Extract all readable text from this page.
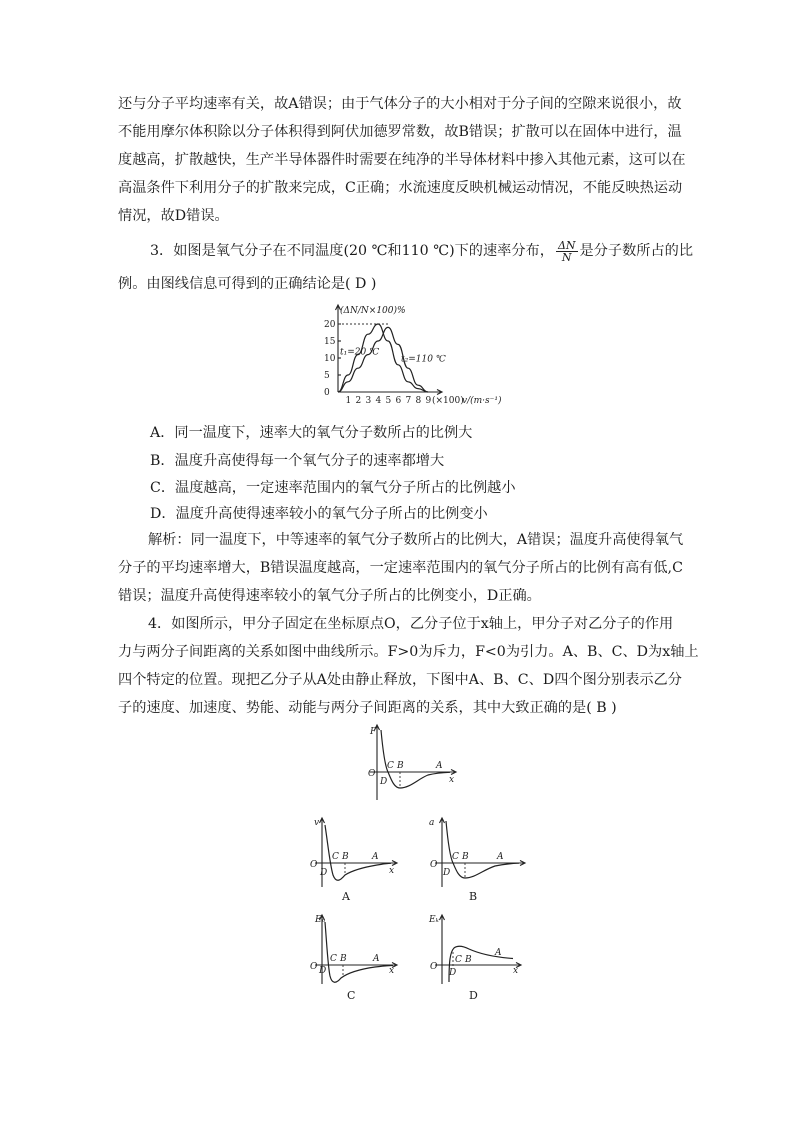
还与分子平均速率有关，故A错误；由于气体分子的大小相对于分子间的空隙来说很小，故
不能用摩尔体积除以分子体积得到阿伏加德罗常数，故B错误；扩散可以在固体中进行，温
度越高，扩散越快，生产半导体器件时需要在纯净的半导体材料中掺入其他元素，这可以在
高温条件下利用分子的扩散来完成，C正确；水流速度反映机械运动情况，不能反映热运动
情况，故D错误。
3．如图是氧气分子在不同温度(20 ℃和110 ℃)下的速率分布， $\frac{\Delta N}{N}$ 是分子数所占的比
例。由图线信息可得到的正确结论是( D )
0
5
10
15
20
1 2 3 4 5 6 7 8 9 (×100)
v/(m·s⁻¹)
(ΔN/N×100)%
t₁=20 ℃
t₂=110 ℃
A．同一温度下，速率大的氧气分子数所占的比例大
B．温度升高使得每一个氧气分子的速率都增大
C．温度越高，一定速率范围内的氧气分子所占的比例越小
D．温度升高使得速率较小的氧气分子所占的比例变小
解析：同一温度下，中等速率的氧气分子数所占的比例大，A错误；温度升高使得氧气
分子的平均速率增大，B错误温度越高，一定速率范围内的氧气分子所占的比例有高有低,C
错误；温度升高使得速率较小的氧气分子所占的比例变小，D正确。
4．如图所示，甲分子固定在坐标原点O，乙分子位于x轴上，甲分子对乙分子的作用
力与两分子间距离的关系如图中曲线所示。F>0为斥力，F<0为引力。A、B、C、D为x轴上
四个特定的位置。现把乙分子从A处由静止释放，下图中A、B、C、D四个图分别表示乙分
子的速度、加速度、势能、动能与两分子间距离的关系，其中大致正确的是( B )
F
O
C B	A
D	x
v
O
C B	A
D	x
A
a
O
C B	A
D
B
Eₚ
O
C B	A
D	x
C
Eₖ
O
C B
A
D	x
D
